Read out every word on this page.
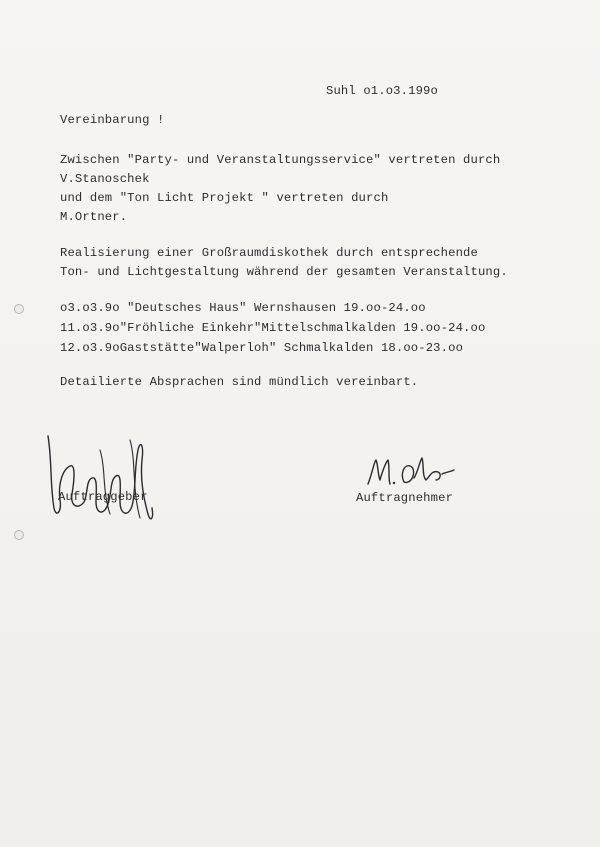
Suhl o1.o3.199o
Vereinbarung !
Zwischen "Party- und Veranstaltungsservice" vertreten durch
V.Stanoschek
und dem "Ton Licht Projekt " vertreten durch
M.Ortner.
Realisierung einer Großraumdiskothek durch entsprechende
Ton- und Lichtgestaltung während der gesamten Veranstaltung.
o3.o3.9o "Deutsches Haus" Wernshausen 19.oo-24.oo
11.o3.9o"Fröhliche Einkehr"Mittelschmalkalden 19.oo-24.oo
12.o3.9oGaststätte"Walperloh" Schmalkalden 18.oo-23.oo
Detailierte Absprachen sind mündlich vereinbart.
Auftraggeber	Auftragnehmer
